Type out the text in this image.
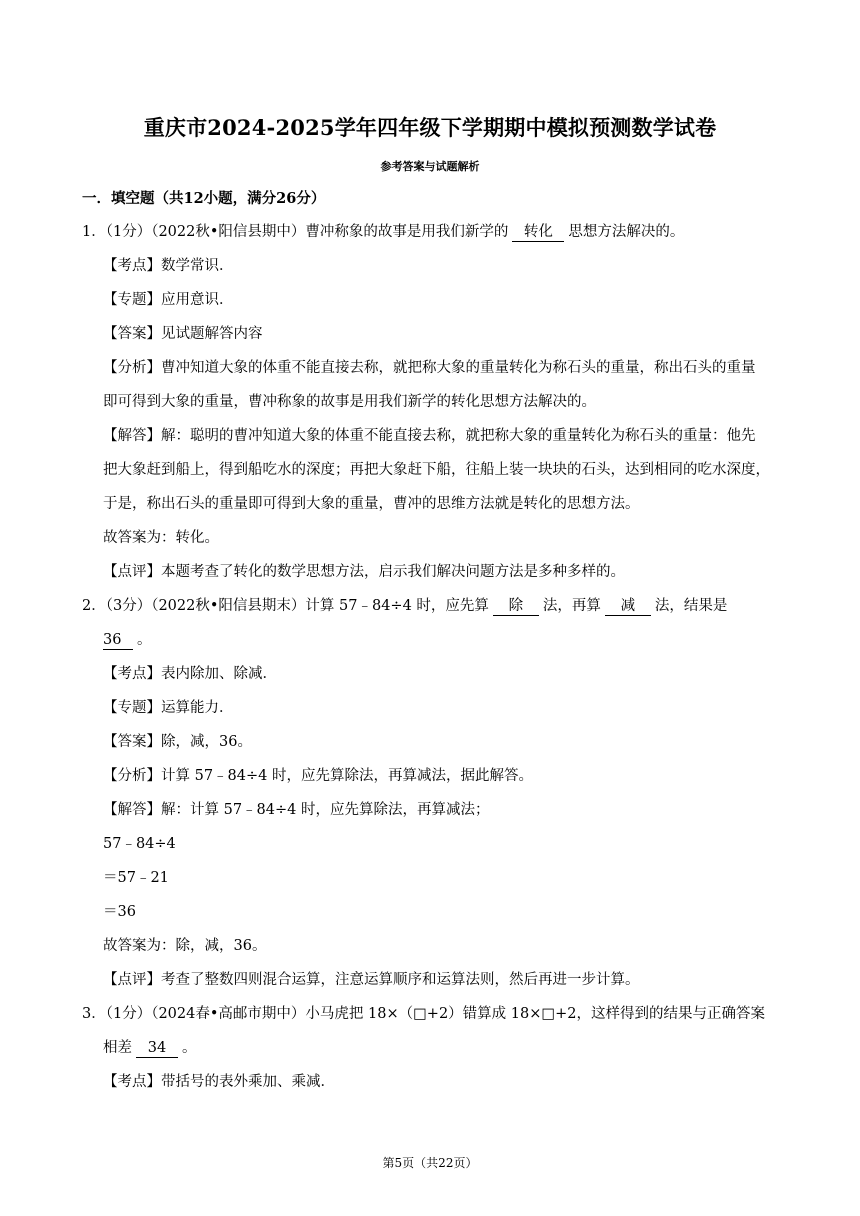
重庆市2024-2025学年四年级下学期期中模拟预测数学试卷
参考答案与试题解析
一．填空题（共12小题，满分26分）
1．（1分）（2022秋•阳信县期中）曹冲称象的故事是用我们新学的 转化 思想方法解决的。
【考点】数学常识．
【专题】应用意识．
【答案】见试题解答内容
【分析】曹冲知道大象的体重不能直接去称，就把称大象的重量转化为称石头的重量，称出石头的重量
即可得到大象的重量，曹冲称象的故事是用我们新学的转化思想方法解决的。
【解答】解：聪明的曹冲知道大象的体重不能直接去称，就把称大象的重量转化为称石头的重量：他先
把大象赶到船上，得到船吃水的深度；再把大象赶下船，往船上装一块块的石头，达到相同的吃水深度，
于是，称出石头的重量即可得到大象的重量，曹冲的思维方法就是转化的思想方法。
故答案为：转化。
【点评】本题考查了转化的数学思想方法，启示我们解决问题方法是多种多样的。
2．（3分）（2022秋•阳信县期末）计算 57﹣84÷4 时，应先算 除 法，再算 减 法，结果是
36 。
【考点】表内除加、除减．
【专题】运算能力．
【答案】除，减，36。
【分析】计算 57﹣84÷4 时，应先算除法，再算减法，据此解答。
【解答】解：计算 57﹣84÷4 时，应先算除法，再算减法；
57﹣84÷4
＝57﹣21
＝36
故答案为：除，减，36。
【点评】考查了整数四则混合运算，注意运算顺序和运算法则，然后再进一步计算。
3．（1分）（2024春•高邮市期中）小马虎把 18×（□+2）错算成 18×□+2，这样得到的结果与正确答案
相差 34 。
【考点】带括号的表外乘加、乘减．
第5页（共22页）
